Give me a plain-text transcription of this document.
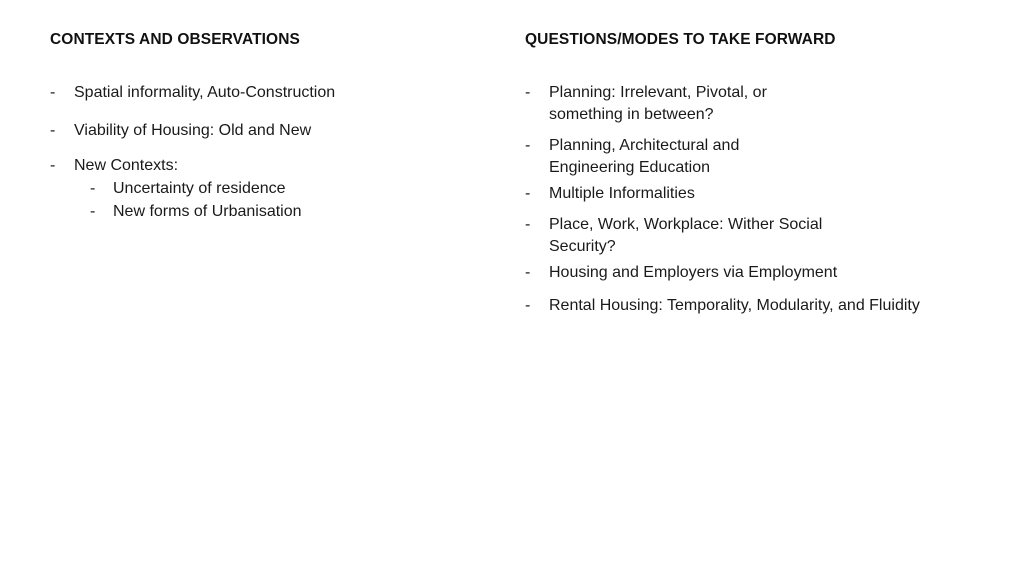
CONTEXTS AND OBSERVATIONS
- Spatial informality, Auto-Construction
- Viability of Housing: Old and New
- New Contexts:
- Uncertainty of residence
- New forms of Urbanisation
QUESTIONS/MODES TO TAKE FORWARD
- Planning: Irrelevant, Pivotal, or
something in between?
- Planning, Architectural and
Engineering Education
- Multiple Informalities
- Place, Work, Workplace: Wither Social
Security?
- Housing and Employers via Employment
- Rental Housing: Temporality, Modularity, and Fluidity
